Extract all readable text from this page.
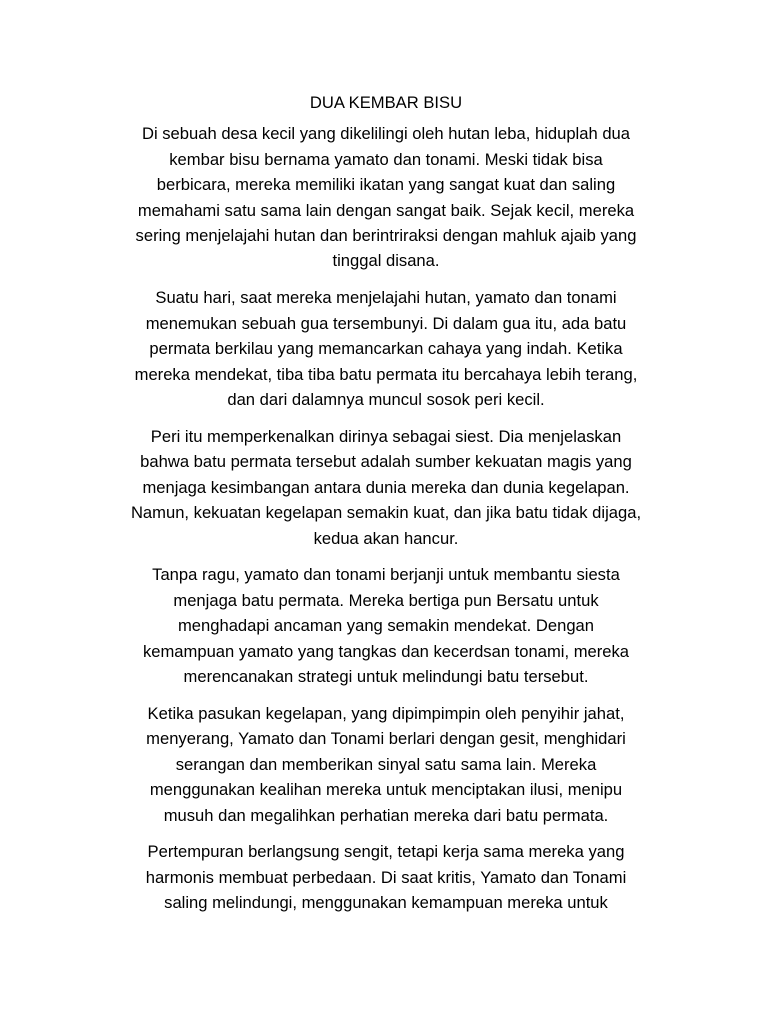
DUA KEMBAR BISU

Di sebuah desa kecil yang dikelilingi oleh hutan leba, hiduplah dua
kembar bisu bernama yamato dan tonami. Meski tidak bisa
berbicara, mereka memiliki ikatan yang sangat kuat dan saling
memahami satu sama lain dengan sangat baik. Sejak kecil, mereka
sering menjelajahi hutan dan berintriraksi dengan mahluk ajaib yang
tinggal disana.

Suatu hari, saat mereka menjelajahi hutan, yamato dan tonami
menemukan sebuah gua tersembunyi. Di dalam gua itu, ada batu
permata berkilau yang memancarkan cahaya yang indah. Ketika
mereka mendekat, tiba tiba batu permata itu bercahaya lebih terang,
dan dari dalamnya muncul sosok peri kecil.

Peri itu memperkenalkan dirinya sebagai siest. Dia menjelaskan
bahwa batu permata tersebut adalah sumber kekuatan magis yang
menjaga kesimbangan antara dunia mereka dan dunia kegelapan.
Namun, kekuatan kegelapan semakin kuat, dan jika batu tidak dijaga,
kedua akan hancur.

Tanpa ragu, yamato dan tonami berjanji untuk membantu siesta
menjaga batu permata. Mereka bertiga pun Bersatu untuk
menghadapi ancaman yang semakin mendekat. Dengan
kemampuan yamato yang tangkas dan kecerdsan tonami, mereka
merencanakan strategi untuk melindungi batu tersebut.

Ketika pasukan kegelapan, yang dipimpimpin oleh penyihir jahat,
menyerang, Yamato dan Tonami berlari dengan gesit, menghidari
serangan dan memberikan sinyal satu sama lain. Mereka
menggunakan kealihan mereka untuk menciptakan ilusi, menipu
musuh dan megalihkan perhatian mereka dari batu permata.

Pertempuran berlangsung sengit, tetapi kerja sama mereka yang
harmonis membuat perbedaan. Di saat kritis, Yamato dan Tonami
saling melindungi, menggunakan kemampuan mereka untuk
